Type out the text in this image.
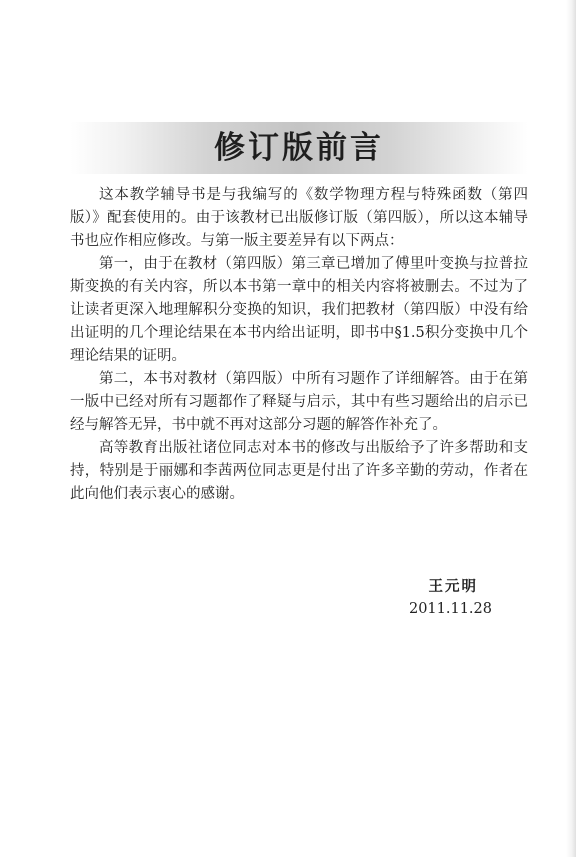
修订版前言

这本教学辅导书是与我编写的《数学物理方程与特殊函数（第四版）》配套使用的。由于该教材已出版修订版（第四版），所以这本辅导书也应作相应修改。与第一版主要差异有以下两点：

第一，由于在教材（第四版）第三章已增加了傅里叶变换与拉普拉斯变换的有关内容，所以本书第一章中的相关内容将被删去。不过为了让读者更深入地理解积分变换的知识，我们把教材（第四版）中没有给出证明的几个理论结果在本书内给出证明，即书中§1.5积分变换中几个理论结果的证明。

第二，本书对教材（第四版）中所有习题作了详细解答。由于在第一版中已经对所有习题都作了释疑与启示，其中有些习题给出的启示已经与解答无异，书中就不再对这部分习题的解答作补充了。

高等教育出版社诸位同志对本书的修改与出版给予了许多帮助和支持，特别是于丽娜和李茜两位同志更是付出了许多辛勤的劳动，作者在此向他们表示衷心的感谢。

王元明
2011.11.28
